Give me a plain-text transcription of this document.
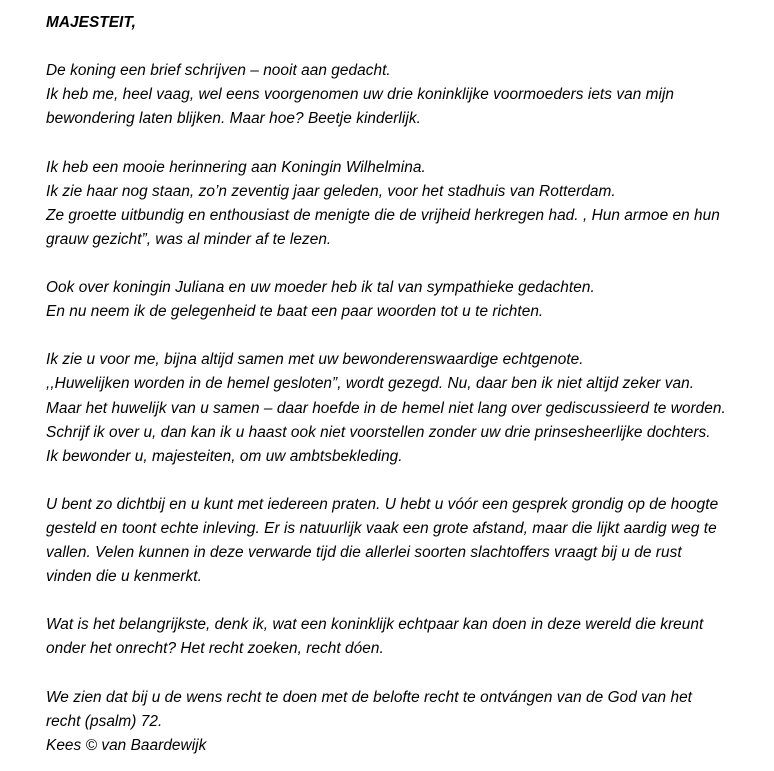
MAJESTEIT,
De koning een brief schrijven – nooit aan gedacht.
Ik heb me, heel vaag, wel eens voorgenomen uw drie koninklijke voormoeders iets van mijn
bewondering laten blijken. Maar hoe? Beetje kinderlijk.
Ik heb een mooie herinnering aan Koningin Wilhelmina.
Ik zie haar nog staan, zo’n zeventig jaar geleden, voor het stadhuis van Rotterdam.
Ze groette uitbundig en enthousiast de menigte die de vrijheid herkregen had. , Hun armoe en hun
grauw gezicht”, was al minder af te lezen.
Ook over koningin Juliana en uw moeder heb ik tal van sympathieke gedachten.
En nu neem ik de gelegenheid te baat een paar woorden tot u te richten.
Ik zie u voor me, bijna altijd samen met uw bewonderenswaardige echtgenote.
,,Huwelijken worden in de hemel gesloten”, wordt gezegd. Nu, daar ben ik niet altijd zeker van.
Maar het huwelijk van u samen – daar hoefde in de hemel niet lang over gediscussieerd te worden.
Schrijf ik over u, dan kan ik u haast ook niet voorstellen zonder uw drie prinsesheerlijke dochters.
Ik bewonder u, majesteiten, om uw ambtsbekleding.
U bent zo dichtbij en u kunt met iedereen praten. U hebt u vóór een gesprek grondig op de hoogte
gesteld en toont echte inleving. Er is natuurlijk vaak een grote afstand, maar die lijkt aardig weg te
vallen. Velen kunnen in deze verwarde tijd die allerlei soorten slachtoffers vraagt bij u de rust
vinden die u kenmerkt.
Wat is het belangrijkste, denk ik, wat een koninklijk echtpaar kan doen in deze wereld die kreunt
onder het onrecht? Het recht zoeken, recht dóen.
We zien dat bij u de wens recht te doen met de belofte recht te ontvángen van de God van het
recht (psalm) 72.
Kees © van Baardewijk
